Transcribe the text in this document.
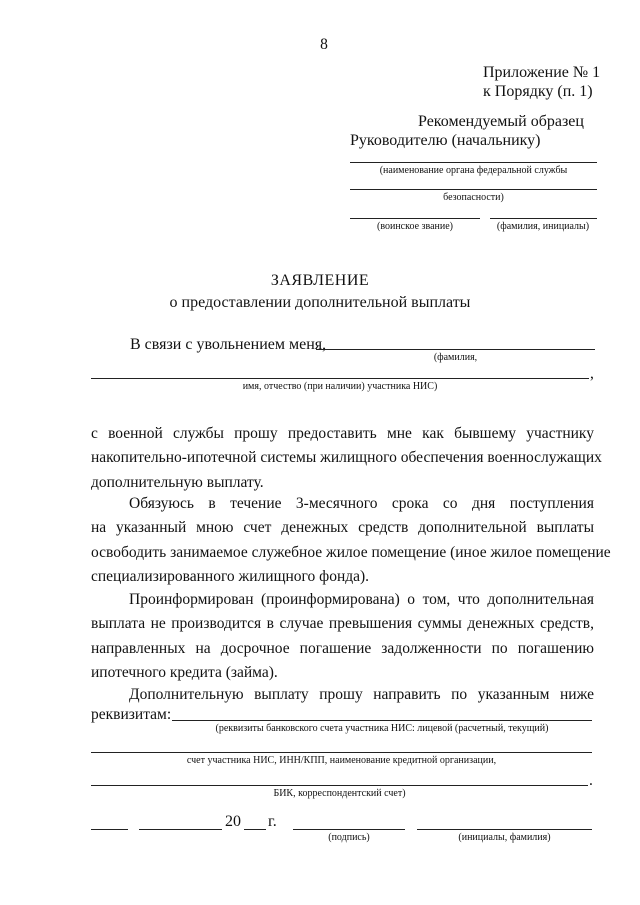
8
Приложение № 1
к Порядку (п. 1)
Рекомендуемый образец
Руководителю (начальнику)
(наименование органа федеральной службы
безопасности)
(воинское звание)	(фамилия, инициалы)
ЗАЯВЛЕНИЕ
о предоставлении дополнительной выплаты
В связи с увольнением меня,
(фамилия,
,
имя, отчество (при наличии) участника НИС)
с военной службы прошу предоставить мне как бывшему участнику
накопительно-ипотечной системы жилищного обеспечения военнослужащих
дополнительную выплату.
Обязуюсь в течение 3-месячного срока со дня поступления
на указанный мною счет денежных средств дополнительной выплаты
освободить занимаемое служебное жилое помещение (иное жилое помещение
специализированного жилищного фонда).
Проинформирован (проинформирована) о том, что дополнительная
выплата не производится в случае превышения суммы денежных средств,
направленных на досрочное погашение задолженности по погашению
ипотечного кредита (займа).
Дополнительную выплату прошу направить по указанным ниже
реквизитам:
(реквизиты банковского счета участника НИС: лицевой (расчетный, текущий)
счет участника НИС, ИНН/КПП, наименование кредитной организации,
.
БИК, корреспондентский счет)
20 г.
(подпись)	(инициалы, фамилия)
